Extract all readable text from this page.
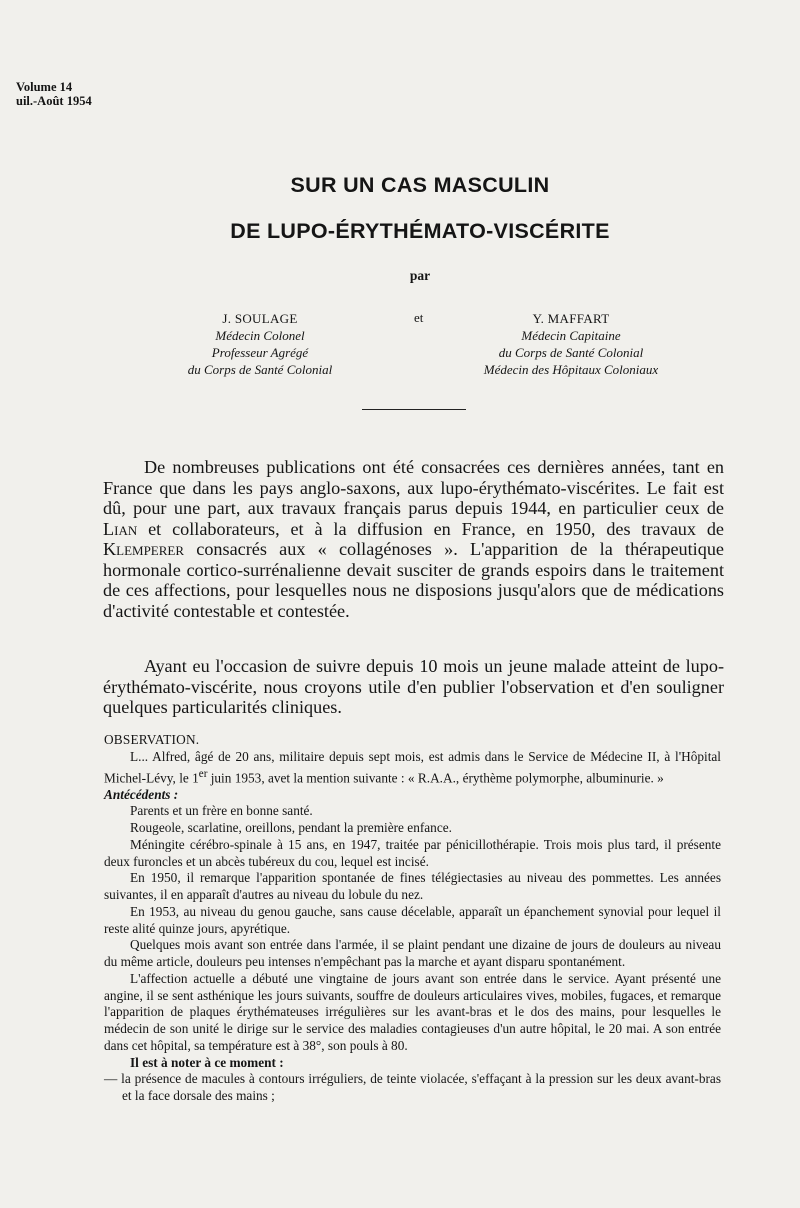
Volume 14
uil.-Août 1954
SUR UN CAS MASCULIN
DE LUPO-ÉRYTHÉMATO-VISCÉRITE
par
J. SOULAGE
Médecin Colonel
Professeur Agrégé
du Corps de Santé Colonial
et	Y. MAFFART
Médecin Capitaine
du Corps de Santé Colonial
Médecin des Hôpitaux Coloniaux

De nombreuses publications ont été consacrées ces dernières années, tant en France que dans les pays anglo-saxons, aux lupo-érythémato-viscérites. Le fait est dû, pour une part, aux travaux français parus depuis 1944, en particulier ceux de Lian et collaborateurs, et à la diffusion en France, en 1950, des travaux de Klemperer consacrés aux « collagénoses ». L'apparition de la thérapeutique hormonale cortico-surrénalienne devait susciter de grands espoirs dans le traitement de ces affections, pour lesquelles nous ne disposions jusqu'alors que de médications d'activité contestable et contestée.

Ayant eu l'occasion de suivre depuis 10 mois un jeune malade atteint de lupo-érythémato-viscérite, nous croyons utile d'en publier l'observation et d'en souligner quelques particularités cliniques.

OBSERVATION.

L... Alfred, âgé de 20 ans, militaire depuis sept mois, est admis dans le Service de Médecine II, à l'Hôpital Michel-Lévy, le 1er juin 1953, avet la mention suivante : « R.A.A., érythème polymorphe, albuminurie. »

Antécédents :

Parents et un frère en bonne santé.

Rougeole, scarlatine, oreillons, pendant la première enfance.

Méningite cérébro-spinale à 15 ans, en 1947, traitée par pénicillothérapie. Trois mois plus tard, il présente deux furoncles et un abcès tubéreux du cou, lequel est incisé.

En 1950, il remarque l'apparition spontanée de fines télégiectasies au niveau des pommettes. Les années suivantes, il en apparaît d'autres au niveau du lobule du nez.

En 1953, au niveau du genou gauche, sans cause décelable, apparaît un épanchement synovial pour lequel il reste alité quinze jours, apyrétique.

Quelques mois avant son entrée dans l'armée, il se plaint pendant une dizaine de jours de douleurs au niveau du même article, douleurs peu intenses n'empêchant pas la marche et ayant disparu spontanément.

L'affection actuelle a débuté une vingtaine de jours avant son entrée dans le service. Ayant présenté une angine, il se sent asthénique les jours suivants, souffre de douleurs articulaires vives, mobiles, fugaces, et remarque l'apparition de plaques érythémateuses irrégulières sur les avant-bras et le dos des mains, pour lesquelles le médecin de son unité le dirige sur le service des maladies contagieuses d'un autre hôpital, le 20 mai. A son entrée dans cet hôpital, sa température est à 38°, son pouls à 80.

Il est à noter à ce moment :

— la présence de macules à contours irréguliers, de teinte violacée, s'effaçant à la pression sur les deux avant-bras et la face dorsale des mains ;
